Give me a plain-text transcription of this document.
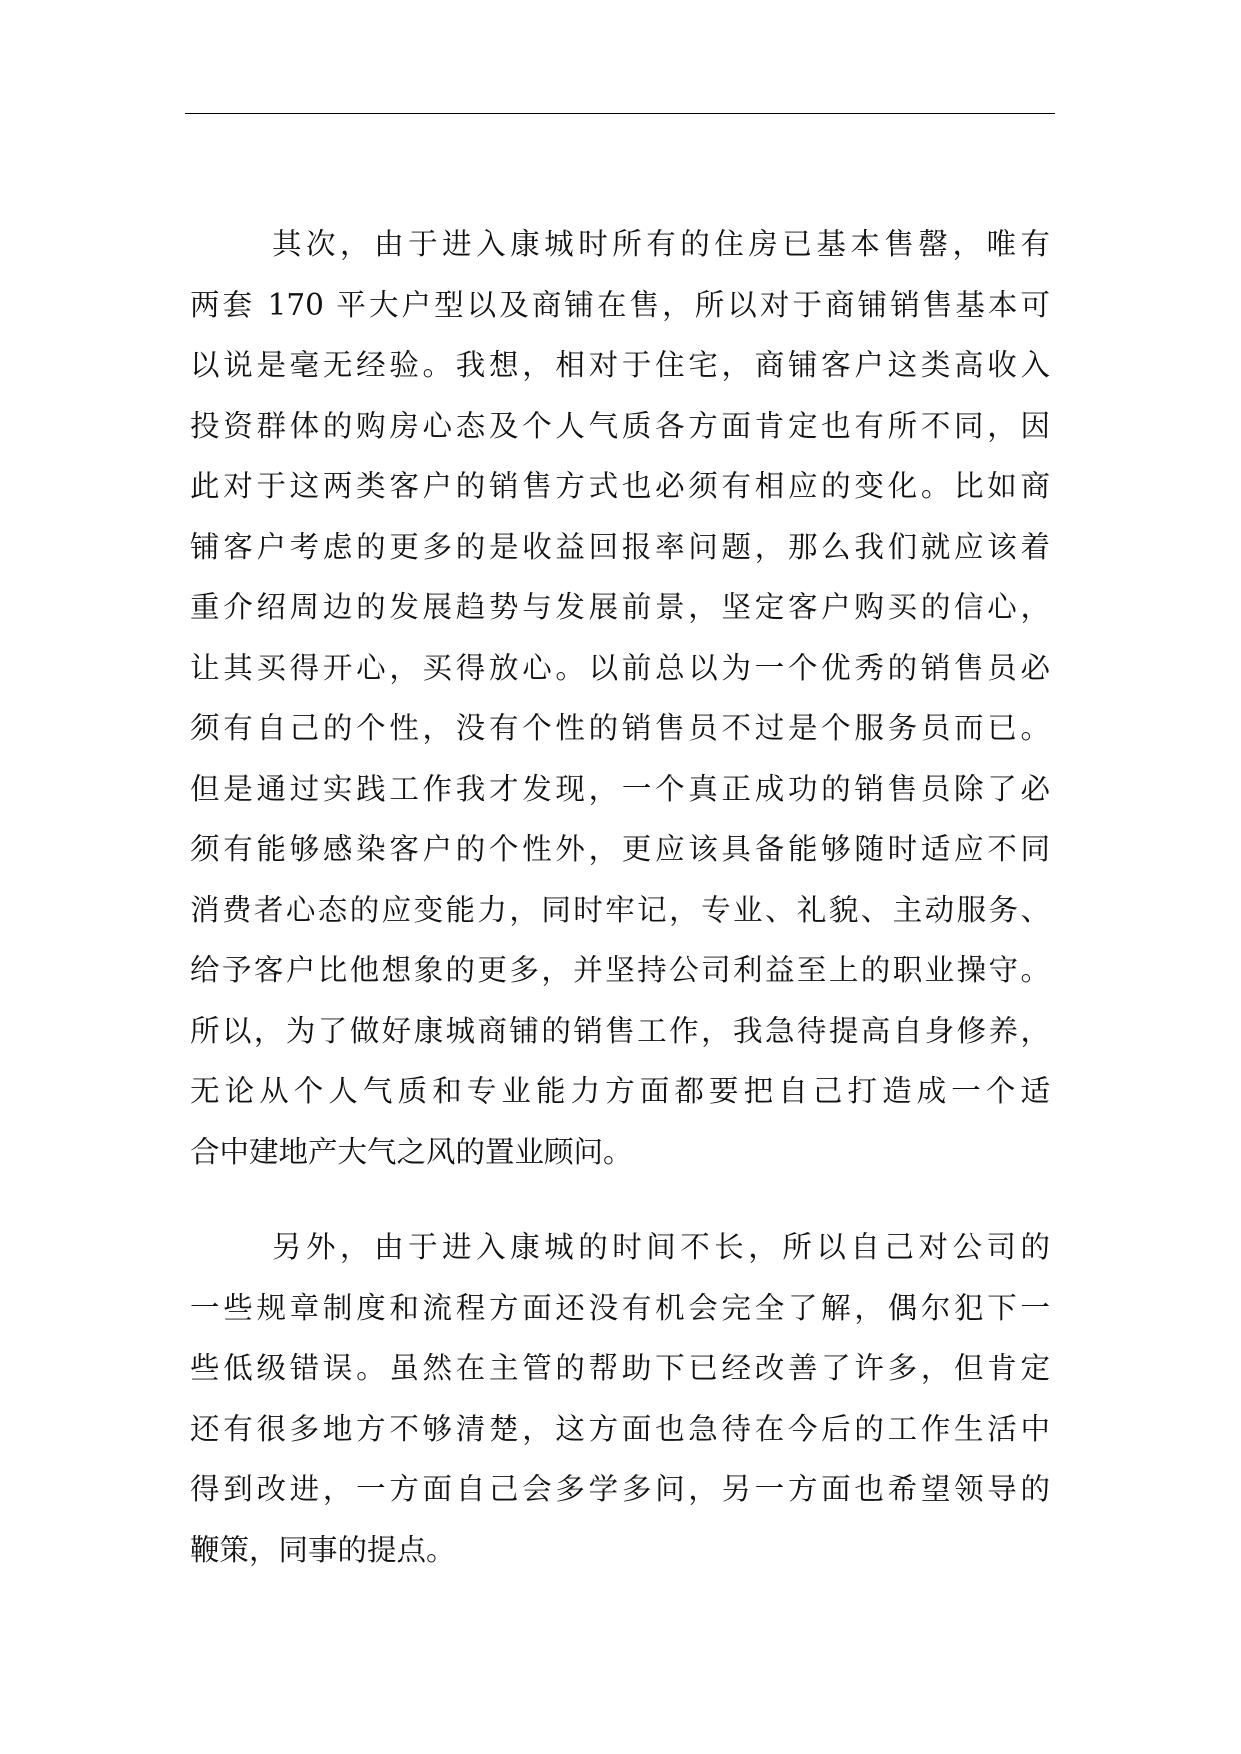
其次，由于进入康城时所有的住房已基本售罄，唯有
两套 170 平大户型以及商铺在售，所以对于商铺销售基本可
以说是毫无经验。我想，相对于住宅，商铺客户这类高收入
投资群体的购房心态及个人气质各方面肯定也有所不同，因
此对于这两类客户的销售方式也必须有相应的变化。比如商
铺客户考虑的更多的是收益回报率问题，那么我们就应该着
重介绍周边的发展趋势与发展前景，坚定客户购买的信心，
让其买得开心，买得放心。以前总以为一个优秀的销售员必
须有自己的个性，没有个性的销售员不过是个服务员而已。
但是通过实践工作我才发现，一个真正成功的销售员除了必
须有能够感染客户的个性外，更应该具备能够随时适应不同
消费者心态的应变能力，同时牢记，专业、礼貌、主动服务、
给予客户比他想象的更多，并坚持公司利益至上的职业操守。
所以，为了做好康城商铺的销售工作，我急待提高自身修养，
无论从个人气质和专业能力方面都要把自己打造成一个适
合中建地产大气之风的置业顾问。
另外，由于进入康城的时间不长，所以自己对公司的
一些规章制度和流程方面还没有机会完全了解，偶尔犯下一
些低级错误。虽然在主管的帮助下已经改善了许多，但肯定
还有很多地方不够清楚，这方面也急待在今后的工作生活中
得到改进，一方面自己会多学多问，另一方面也希望领导的
鞭策，同事的提点。
